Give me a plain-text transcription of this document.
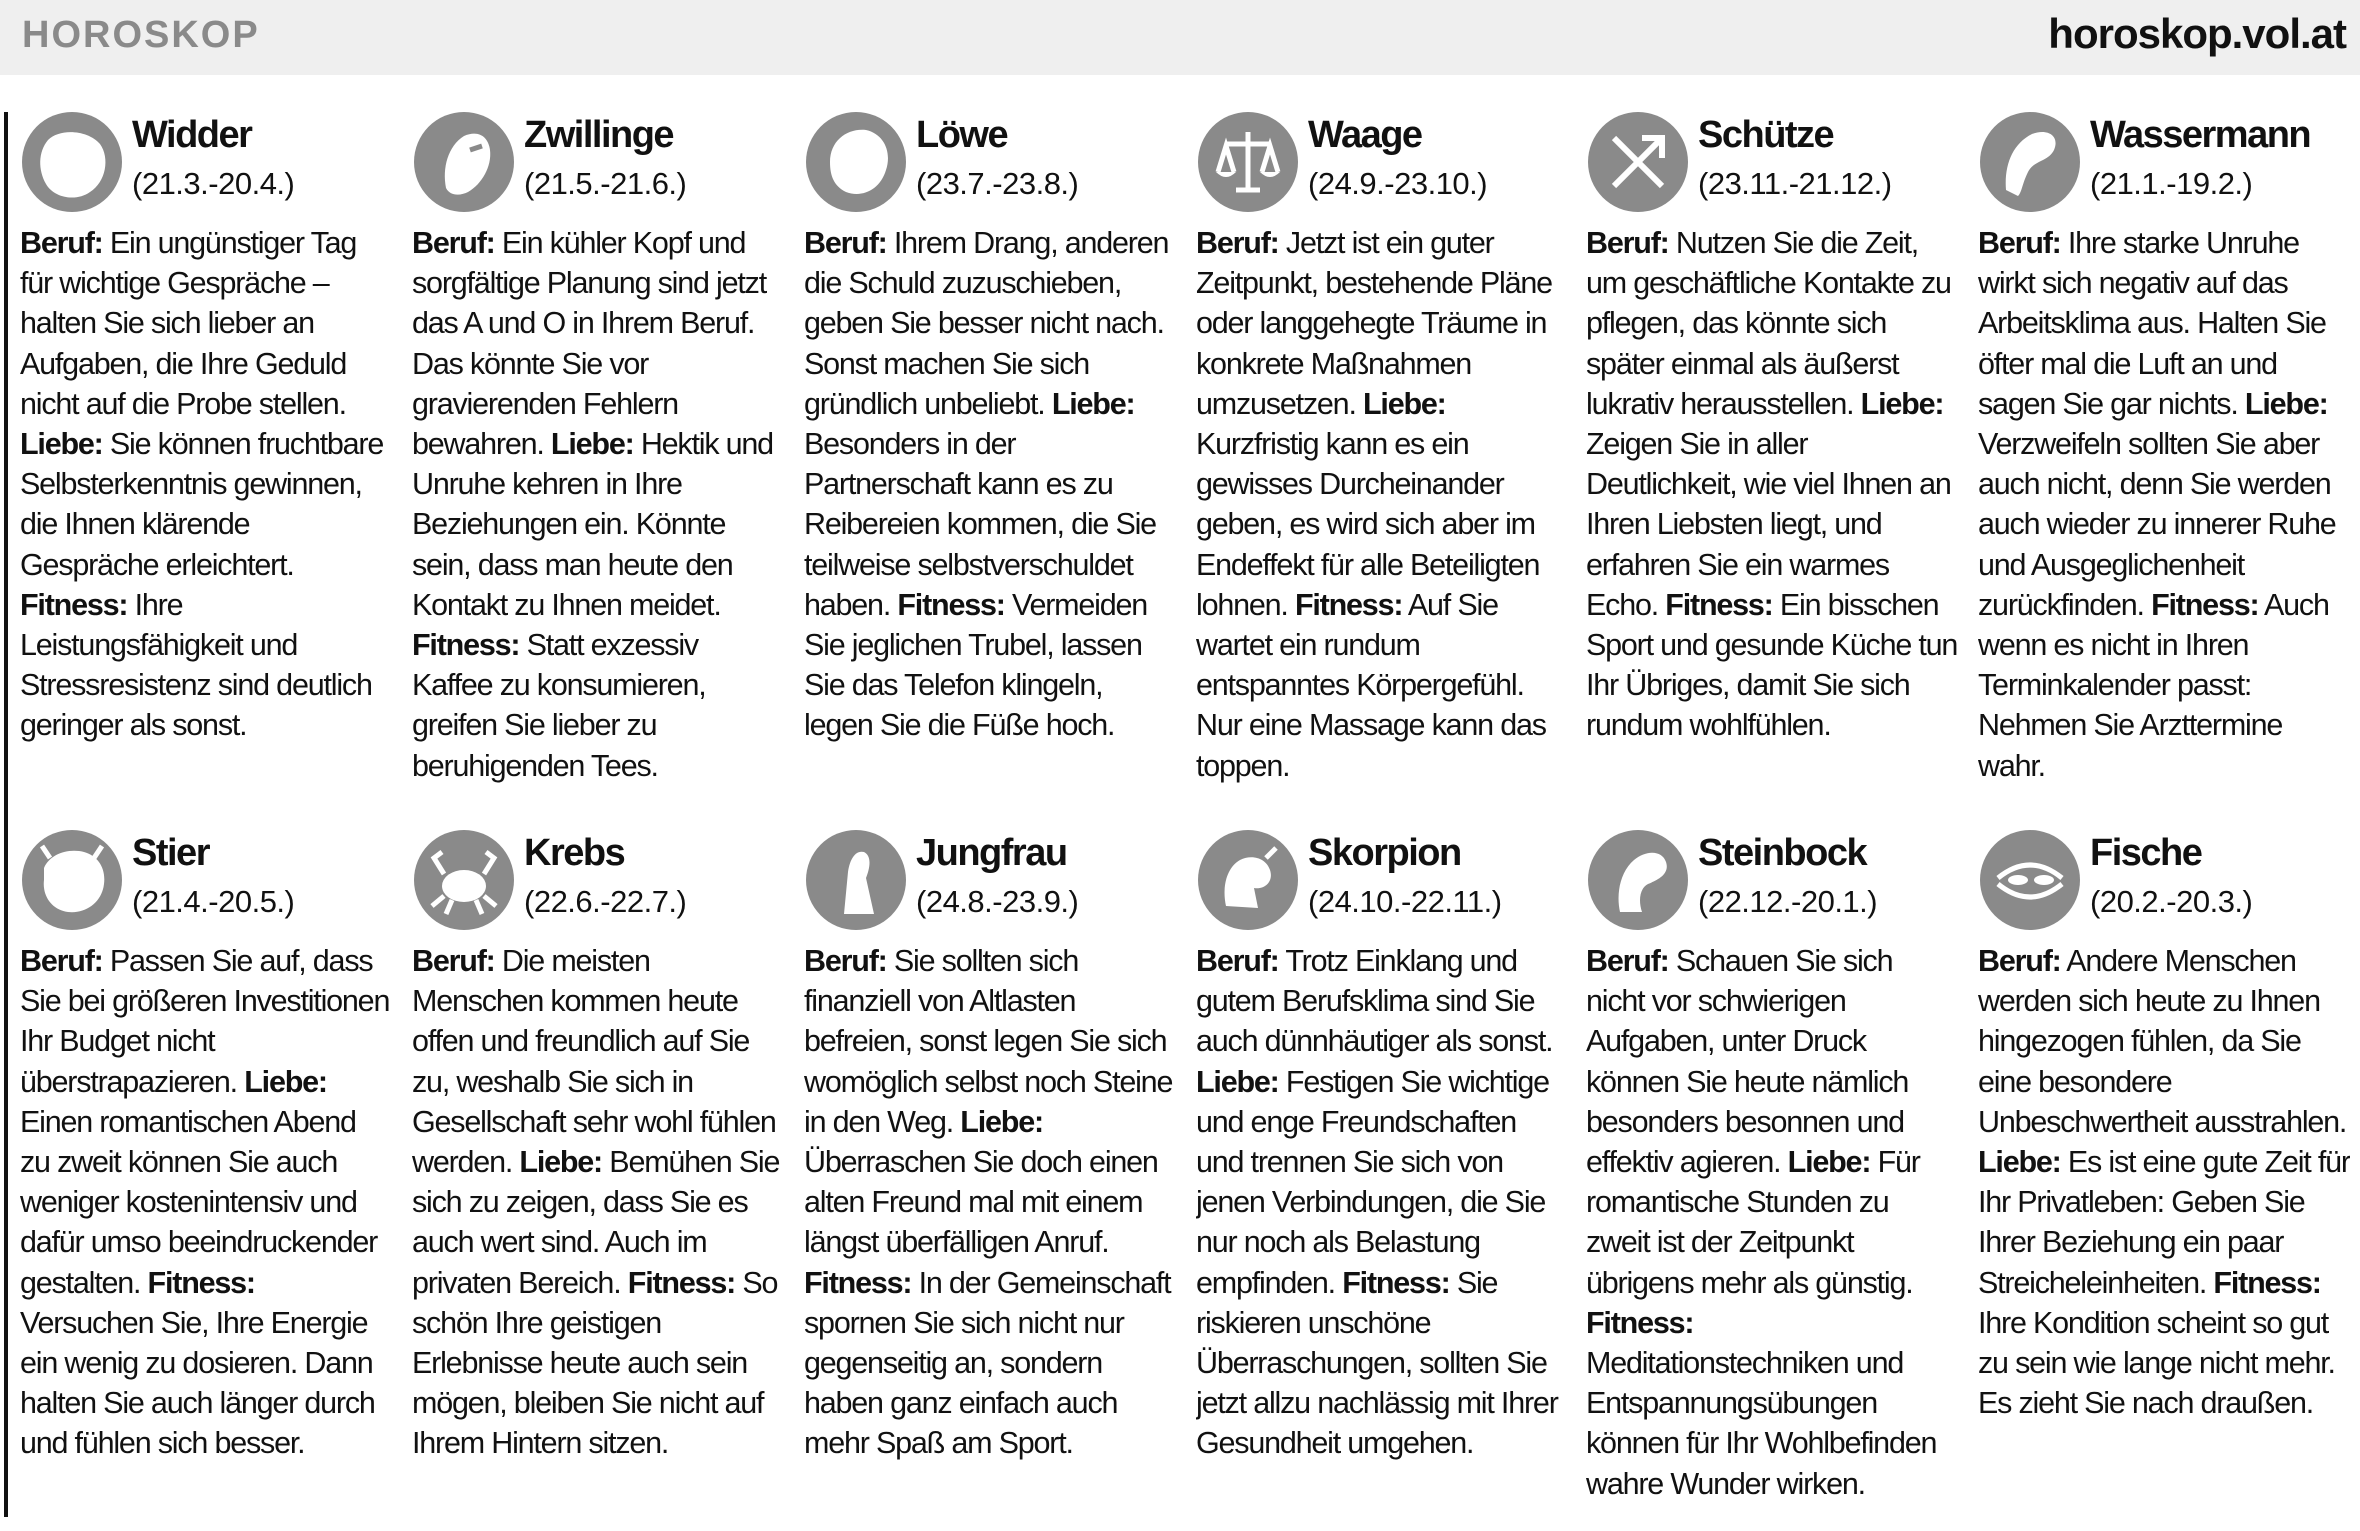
HOROSKOP	horoskop.vol.at
Widder
(21.3.-20.4.)

Beruf: Ein ungünstiger Tag für wichtige Gespräche – halten Sie sich lieber an Aufgaben, die Ihre Geduld nicht auf die Probe stellen. Liebe: Sie können fruchtbare Selbsterkenntnis gewinnen, die Ihnen klärende Gespräche erleichtert. Fitness: Ihre Leistungsfähigkeit und Stressresistenz sind deutlich geringer als sonst.

Zwillinge
(21.5.-21.6.)

Beruf: Ein kühler Kopf und sorgfältige Planung sind jetzt das A und O in Ihrem Beruf. Das könnte Sie vor gravierenden Fehlern bewahren. Liebe: Hektik und Unruhe kehren in Ihre Beziehungen ein. Könnte sein, dass man heute den Kontakt zu Ihnen meidet. Fitness: Statt exzessiv Kaffee zu konsumieren, greifen Sie lieber zu beruhigenden Tees.

Löwe
(23.7.-23.8.)

Beruf: Ihrem Drang, anderen die Schuld zuzuschieben, geben Sie besser nicht nach. Sonst machen Sie sich gründlich unbeliebt. Liebe: Besonders in der Partnerschaft kann es zu Reibereien kommen, die Sie teilweise selbstverschuldet haben. Fitness: Vermeiden Sie jeglichen Trubel, lassen Sie das Telefon klingeln, legen Sie die Füße hoch.

Waage
(24.9.-23.10.)

Beruf: Jetzt ist ein guter Zeitpunkt, bestehende Pläne oder langgehegte Träume in konkrete Maßnahmen umzusetzen. Liebe: Kurzfristig kann es ein gewisses Durcheinander geben, es wird sich aber im Endeffekt für alle Beteiligten lohnen. Fitness: Auf Sie wartet ein rundum entspanntes Körpergefühl. Nur eine Massage kann das toppen.

Schütze
(23.11.-21.12.)

Beruf: Nutzen Sie die Zeit, um geschäftliche Kontakte zu pflegen, das könnte sich später einmal als äußerst lukrativ herausstellen. Liebe: Zeigen Sie in aller Deutlichkeit, wie viel Ihnen an Ihren Liebsten liegt, und erfahren Sie ein warmes Echo. Fitness: Ein bisschen Sport und gesunde Küche tun Ihr Übriges, damit Sie sich rundum wohlfühlen.

Wassermann
(21.1.-19.2.)

Beruf: Ihre starke Unruhe wirkt sich negativ auf das Arbeitsklima aus. Halten Sie öfter mal die Luft an und sagen Sie gar nichts. Liebe: Verzweifeln sollten Sie aber auch nicht, denn Sie werden auch wieder zu innerer Ruhe und Ausgeglichenheit zurückfinden. Fitness: Auch wenn es nicht in Ihren Terminkalender passt: Nehmen Sie Arzttermine wahr.

Stier
(21.4.-20.5.)

Beruf: Passen Sie auf, dass Sie bei größeren Investitionen Ihr Budget nicht überstrapazieren. Liebe: Einen romantischen Abend zu zweit können Sie auch weniger kostenintensiv und dafür umso beeindruckender gestalten. Fitness: Versuchen Sie, Ihre Energie ein wenig zu dosieren. Dann halten Sie auch länger durch und fühlen sich besser.

Krebs
(22.6.-22.7.)

Beruf: Die meisten Menschen kommen heute offen und freundlich auf Sie zu, weshalb Sie sich in Gesellschaft sehr wohl fühlen werden. Liebe: Bemühen Sie sich zu zeigen, dass Sie es auch wert sind. Auch im privaten Bereich. Fitness: So schön Ihre geistigen Erlebnisse heute auch sein mögen, bleiben Sie nicht auf Ihrem Hintern sitzen.

Jungfrau
(24.8.-23.9.)

Beruf: Sie sollten sich finanziell von Altlasten befreien, sonst legen Sie sich womöglich selbst noch Steine in den Weg. Liebe: Überraschen Sie doch einen alten Freund mal mit einem längst überfälligen Anruf. Fitness: In der Gemeinschaft spornen Sie sich nicht nur gegenseitig an, sondern haben ganz einfach auch mehr Spaß am Sport.

Skorpion
(24.10.-22.11.)

Beruf: Trotz Einklang und gutem Berufsklima sind Sie auch dünnhäutiger als sonst. Liebe: Festigen Sie wichtige und enge Freundschaften und trennen Sie sich von jenen Verbindungen, die Sie nur noch als Belastung empfinden. Fitness: Sie riskieren unschöne Überraschungen, sollten Sie jetzt allzu nachlässig mit Ihrer Gesundheit umgehen.

Steinbock
(22.12.-20.1.)

Beruf: Schauen Sie sich nicht vor schwierigen Aufgaben, unter Druck können Sie heute nämlich besonders besonnen und effektiv agieren. Liebe: Für romantische Stunden zu zweit ist der Zeitpunkt übrigens mehr als günstig. Fitness: Meditationstechniken und Entspannungsübungen können für Ihr Wohlbefinden wahre Wunder wirken.

Fische
(20.2.-20.3.)

Beruf: Andere Menschen werden sich heute zu Ihnen hingezogen fühlen, da Sie eine besondere Unbeschwertheit ausstrahlen. Liebe: Es ist eine gute Zeit für Ihr Privatleben: Geben Sie Ihrer Beziehung ein paar Streicheleinheiten. Fitness: Ihre Kondition scheint so gut zu sein wie lange nicht mehr. Es zieht Sie nach draußen.
